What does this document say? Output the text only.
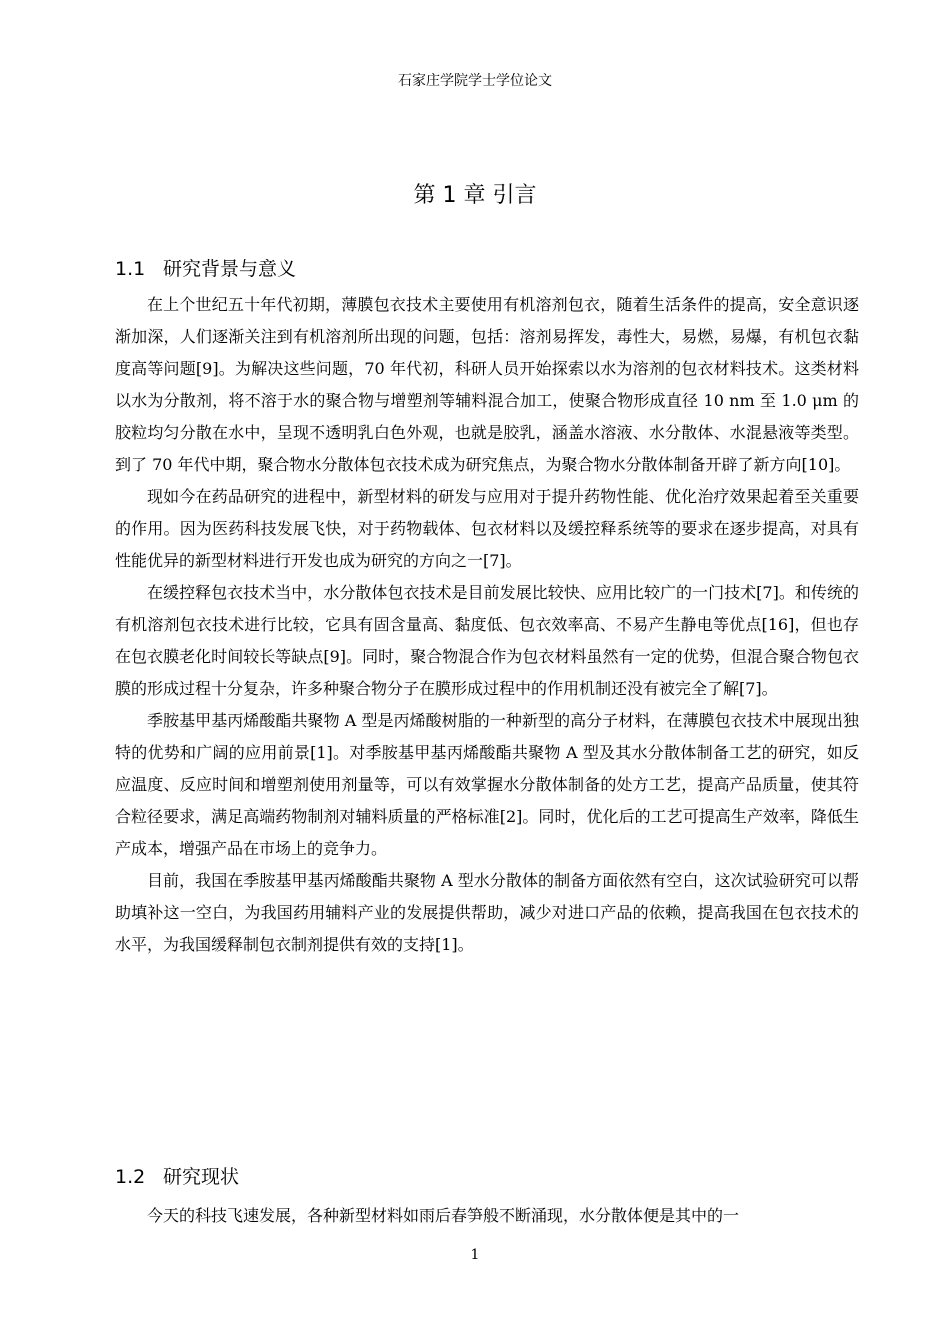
石家庄学院学士学位论文
第 1 章 引言
1.1 研究背景与意义

在上个世纪五十年代初期，薄膜包衣技术主要使用有机溶剂包衣，随着生活条件的提高，安全意识逐渐加深，人们逐渐关注到有机溶剂所出现的问题，包括：溶剂易挥发，毒性大，易燃，易爆，有机包衣黏度高等问题[9]。为解决这些问题，70 年代初，科研人员开始探索以水为溶剂的包衣材料技术。这类材料以水为分散剂，将不溶于水的聚合物与增塑剂等辅料混合加工，使聚合物形成直径 10 nm 至 1.0 μm 的胶粒均匀分散在水中，呈现不透明乳白色外观，也就是胶乳，涵盖水溶液、水分散体、水混悬液等类型。到了 70 年代中期，聚合物水分散体包衣技术成为研究焦点，为聚合物水分散体制备开辟了新方向[10]。

现如今在药品研究的进程中，新型材料的研发与应用对于提升药物性能、优化治疗效果起着至关重要的作用。因为医药科技发展飞快，对于药物载体、包衣材料以及缓控释系统等的要求在逐步提高，对具有性能优异的新型材料进行开发也成为研究的方向之一[7]。

在缓控释包衣技术当中，水分散体包衣技术是目前发展比较快、应用比较广的一门技术[7]。和传统的有机溶剂包衣技术进行比较，它具有固含量高、黏度低、包衣效率高、不易产生静电等优点[16]，但也存在包衣膜老化时间较长等缺点[9]。同时，聚合物混合作为包衣材料虽然有一定的优势，但混合聚合物包衣膜的形成过程十分复杂，许多种聚合物分子在膜形成过程中的作用机制还没有被完全了解[7]。

季胺基甲基丙烯酸酯共聚物 A 型是丙烯酸树脂的一种新型的高分子材料，在薄膜包衣技术中展现出独特的优势和广阔的应用前景[1]。对季胺基甲基丙烯酸酯共聚物 A 型及其水分散体制备工艺的研究，如反应温度、反应时间和增塑剂使用剂量等，可以有效掌握水分散体制备的处方工艺，提高产品质量，使其符合粒径要求，满足高端药物制剂对辅料质量的严格标准[2]。同时，优化后的工艺可提高生产效率，降低生产成本，增强产品在市场上的竞争力。

目前，我国在季胺基甲基丙烯酸酯共聚物 A 型水分散体的制备方面依然有空白，这次试验研究可以帮助填补这一空白，为我国药用辅料产业的发展提供帮助，减少对进口产品的依赖，提高我国在包衣技术的水平，为我国缓释制包衣制剂提供有效的支持[1]。

1.2 研究现状

今天的科技飞速发展，各种新型材料如雨后春笋般不断涌现，水分散体便是其中的一

1
